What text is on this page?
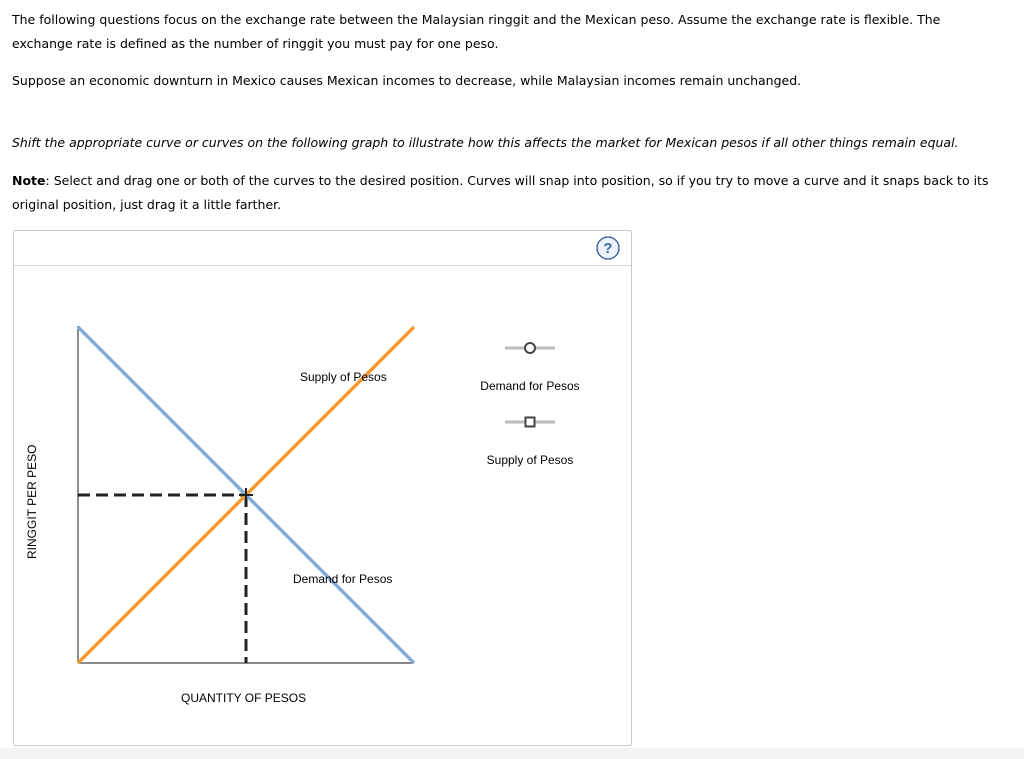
The following questions focus on the exchange rate between the Malaysian ringgit and the Mexican peso. Assume the exchange rate is flexible. The exchange rate is defined as the number of ringgit you must pay for one peso.

Suppose an economic downturn in Mexico causes Mexican incomes to decrease, while Malaysian incomes remain unchanged.

Shift the appropriate curve or curves on the following graph to illustrate how this affects the market for Mexican pesos if all other things remain equal.

Note: Select and drag one or both of the curves to the desired position. Curves will snap into position, so if you try to move a curve and it snaps back to its original position, just drag it a little farther.

Supply of Pesos
Demand for Pesos
QUANTITY OF PESOS
RINGGIT PER PESO
Demand for Pesos
Supply of Pesos
?
